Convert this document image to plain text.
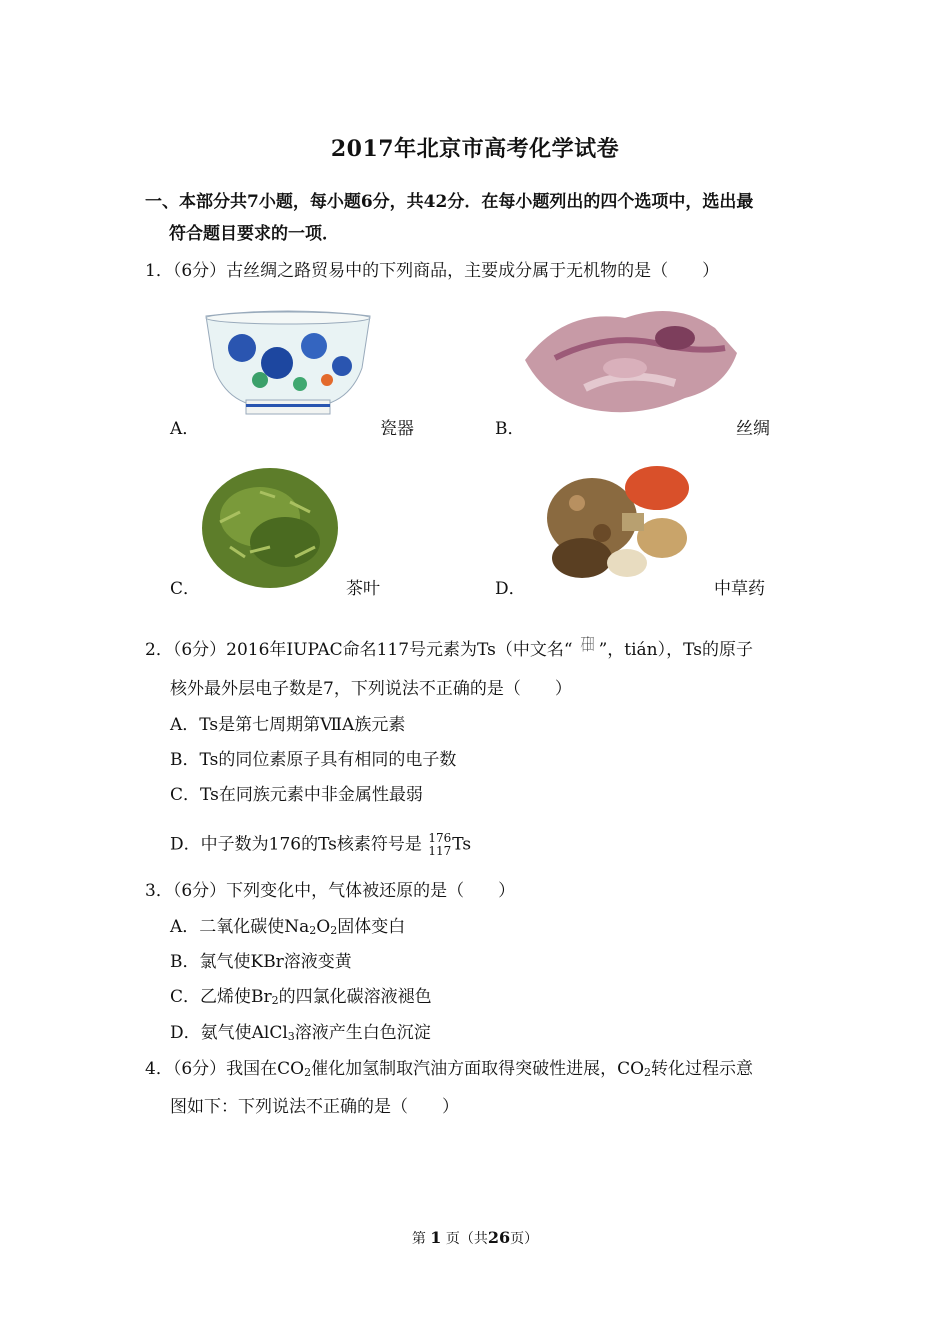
2017年北京市高考化学试卷
一、本部分共7小题，每小题6分，共42分．在每小题列出的四个选项中，选出最
符合题目要求的一项．
1．（6分）古丝绸之路贸易中的下列商品，主要成分属于无机物的是（　　）
A．	瓷器	B．	丝绸
C．	茶叶	D．	中草药
2．（6分）2016年IUPAC命名117号元素为Ts（中文名“ 石田 ”，tián），Ts的原子
核外最外层电子数是7，下列说法不正确的是（　　）
A．Ts是第七周期第ⅦA族元素
B．Ts的同位素原子具有相同的电子数
C．Ts在同族元素中非金属性最弱
D．中子数为176的Ts核素符号是 176
117 Ts
3．（6分）下列变化中，气体被还原的是（　　）
A．二氧化碳使$Na_2O_2$固体变白
B．氯气使KBr溶液变黄
C．乙烯使$Br_2$的四氯化碳溶液褪色
D．氨气使AlCl$_3$溶液产生白色沉淀
4．（6分）我国在$CO_2$催化加氢制取汽油方面取得突破性进展，$CO_2$转化过程示意
图如下：下列说法不正确的是（　　）
第 1 页（共26页）
